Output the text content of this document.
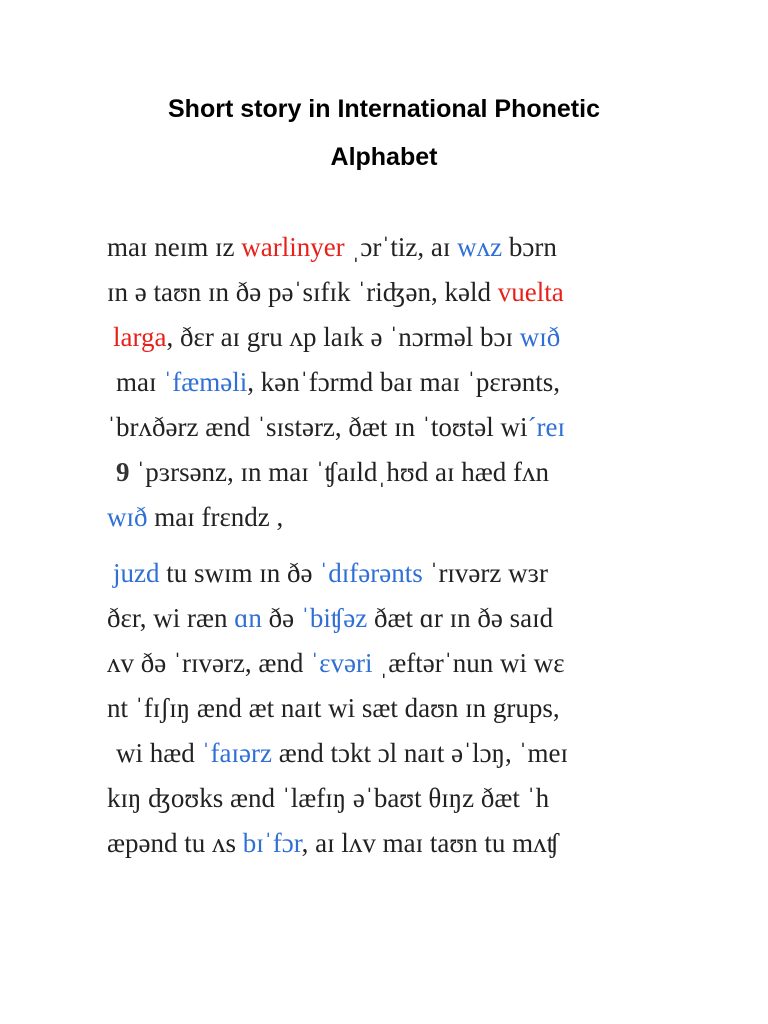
Short story in International Phonetic
Alphabet
maɪ neɪm ɪz warlinyer ˌɔrˈtiz, aɪ wʌz bɔrn
ɪn ə taʊn ɪn ðə pəˈsɪfɪk ˈriʤən, kəld vuelta
larga, ðɛr aɪ gru ʌp laɪk ə ˈnɔrməl bɔɪ wɪð
maɪ ˈfæməli, kənˈfɔrmd baɪ maɪ ˈpɛrənts,
ˈbrʌðərz ænd ˈsɪstərz, ðæt ɪn ˈtoʊtəl wi´reɪ
9 ˈpɜrsənz, ɪn maɪ ˈʧaɪldˌhʊd aɪ hæd fʌn
wɪð maɪ frɛndz ,
juzd tu swɪm ɪn ðə ˈdɪfərənts ˈrɪvərz wɜr
ðɛr, wi ræn ɑn ðə ˈbiʧəz ðæt ɑr ɪn ðə saɪd
ʌv ðə ˈrɪvərz, ænd ˈɛvəri ˌæftərˈnun wi wɛ
nt ˈfɪʃɪŋ ænd æt naɪt wi sæt daʊn ɪn grups,
wi hæd ˈfaɪərz ænd tɔkt ɔl naɪt əˈlɔŋ, ˈmeɪ
kɪŋ ʤoʊks ænd ˈlæfɪŋ əˈbaʊt θɪŋz ðæt ˈh
æpənd tu ʌs bɪˈfɔr, aɪ lʌv maɪ taʊn tu mʌʧ
